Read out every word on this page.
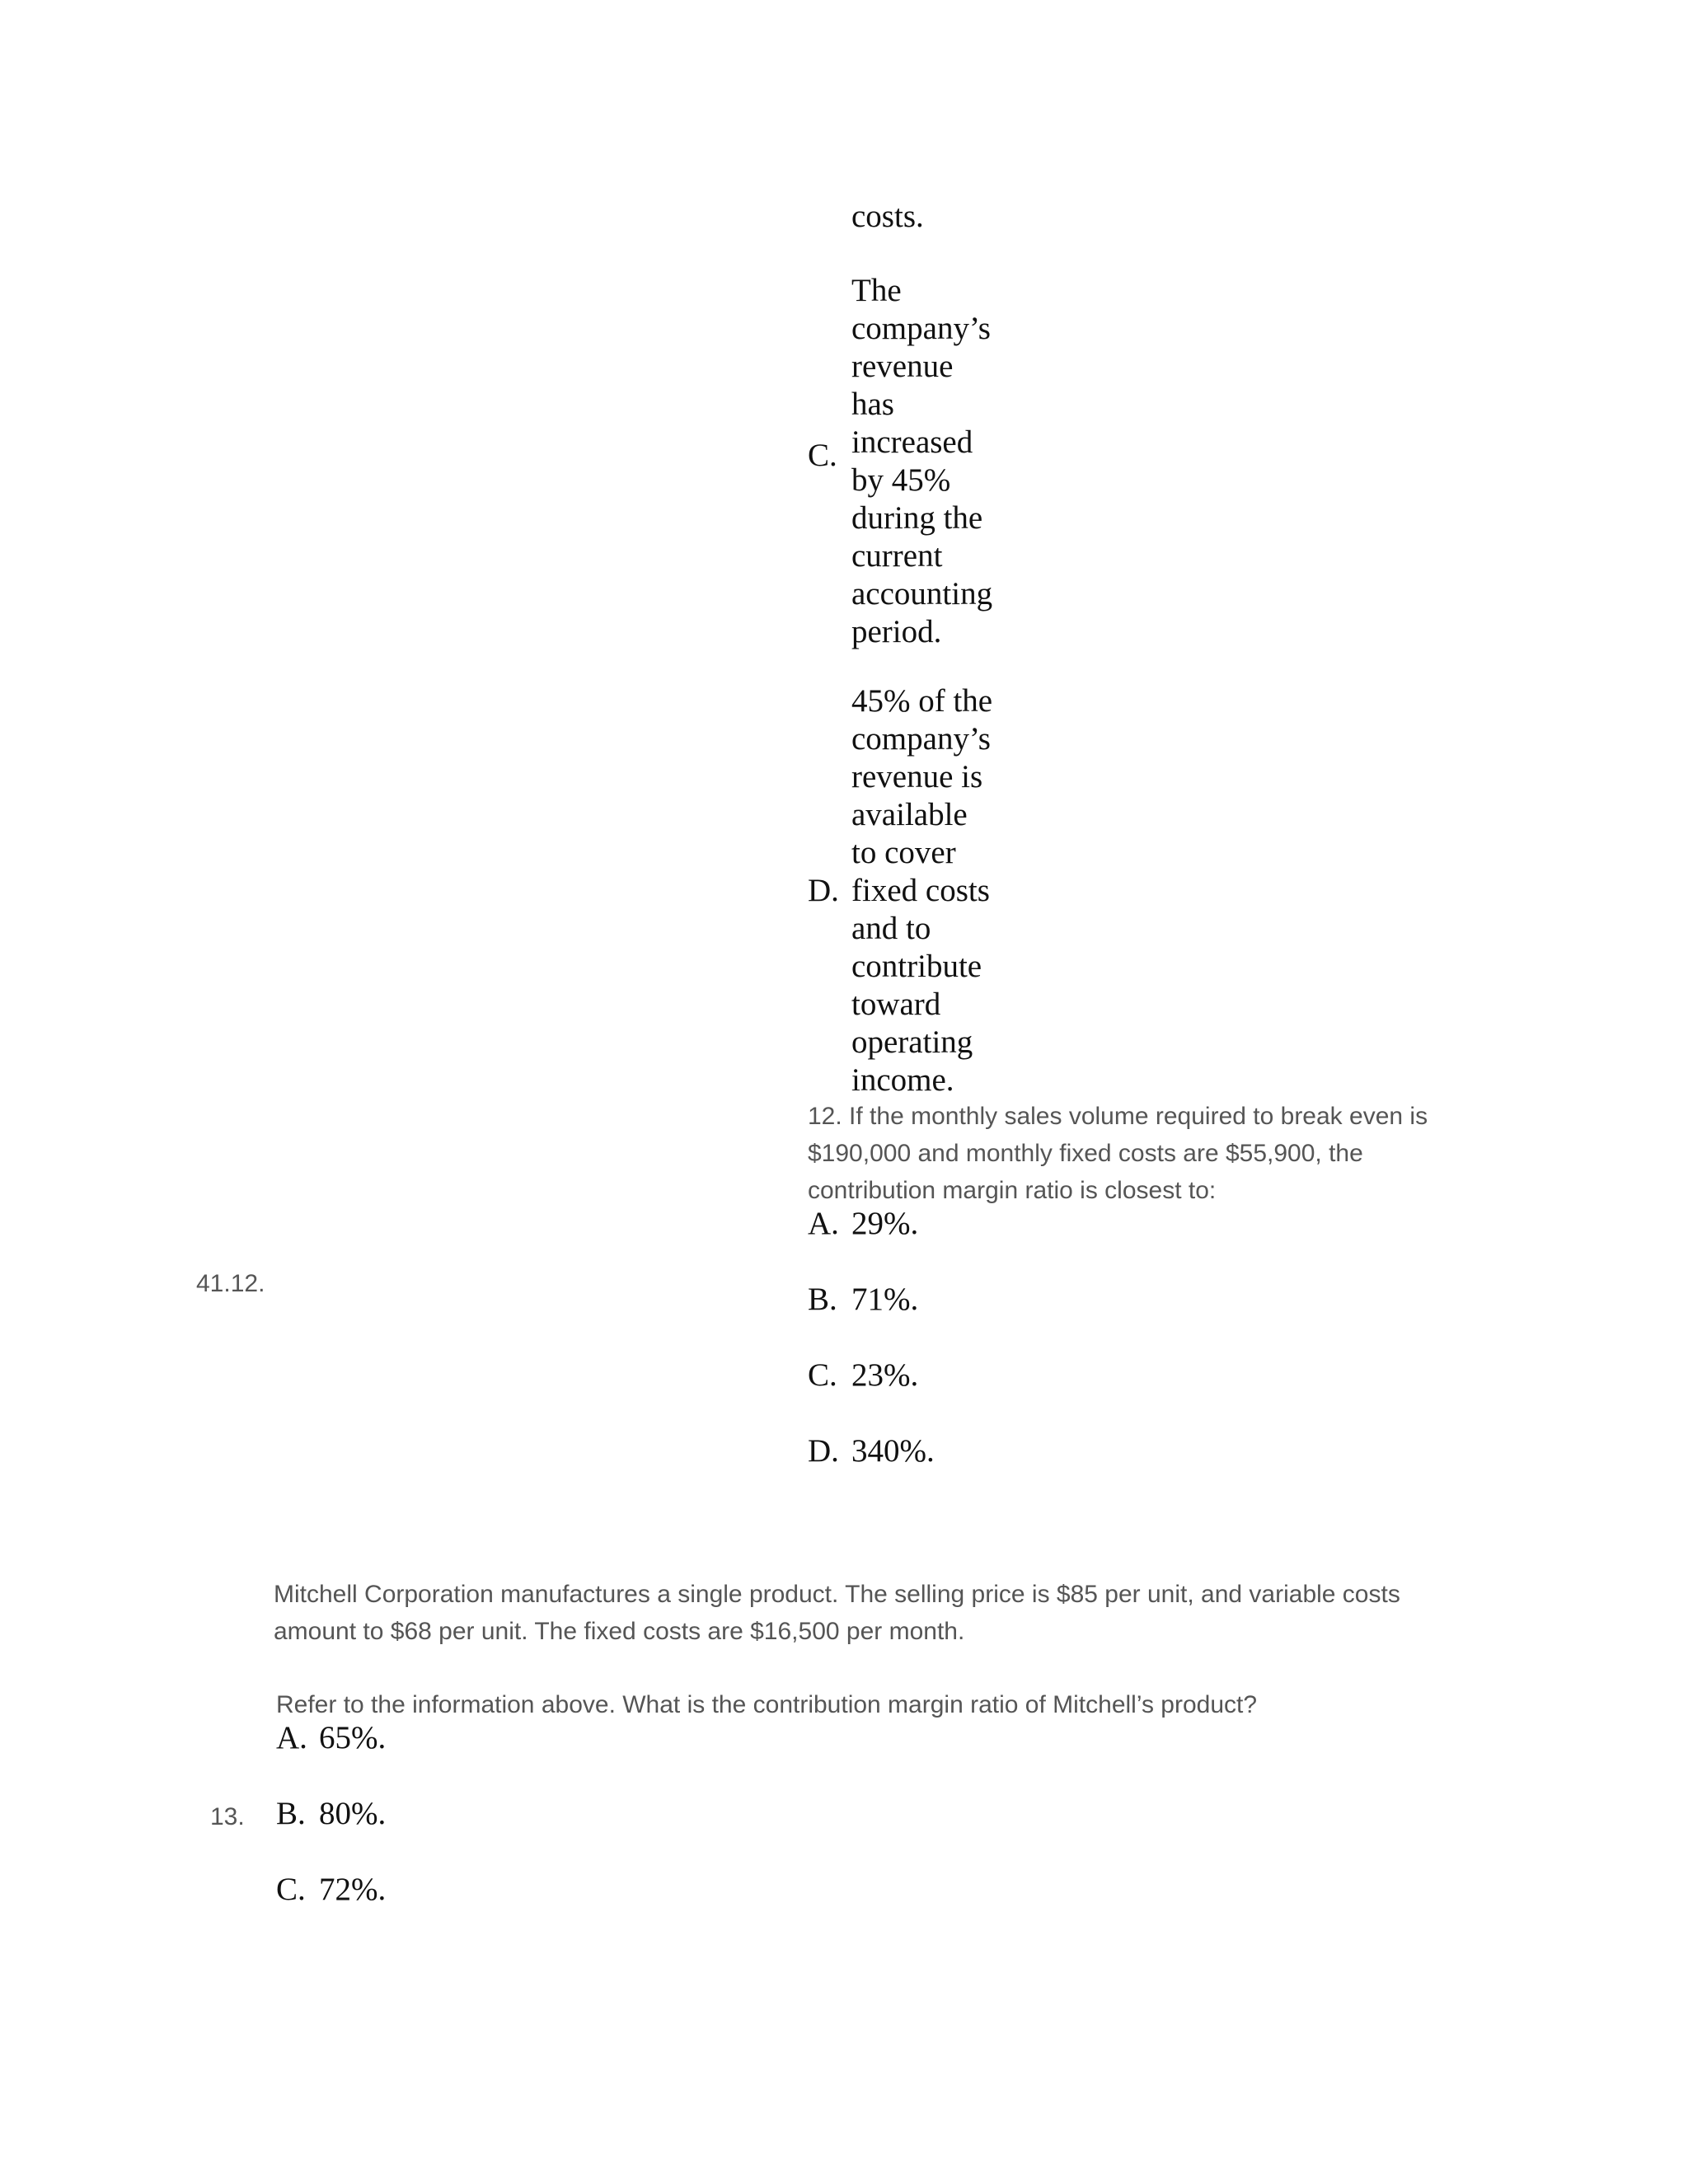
costs.
C.
The
company’s
revenue
has
increased
by 45%
during the
current
accounting
period.
D.
45% of the
company’s
revenue is
available
to cover
fixed costs
and to
contribute
toward
operating
income.
41.12.
12. If the monthly sales volume required to break even is
$190,000 and monthly fixed costs are $55,900, the
contribution margin ratio is closest to:
A. 29%.
B. 71%.
C. 23%.
D. 340%.
Mitchell Corporation manufactures a single product. The selling price is $85 per unit, and variable costs
amount to $68 per unit. The fixed costs are $16,500 per month.
Refer to the information above. What is the contribution margin ratio of Mitchell’s product?
13.
A. 65%.
B. 80%.
C. 72%.
